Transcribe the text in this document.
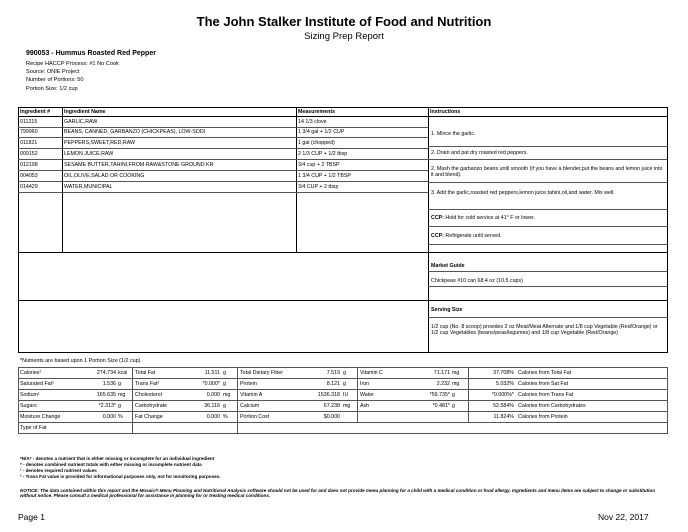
The John Stalker Institute of Food and Nutrition
Sizing Prep Report
990053 - Hummus Roasted Red Pepper
Recipe HACCP Process: #1 No Cook
Source: ONIE Project
Number of Portions: 50
Portion Size: 1/2 cup
Ingredient #	Ingredient Name	Measurements	Instructions
011215	GARLIC,RAW	14 1/3 clove
799960	BEANS, CANNED, GARBANZO (CHICKPEAS), LOW-SODI	1 3/4 gal + 1/2 CUP
011821	PEPPERS,SWEET,RED,RAW	1 gal (chopped)
009152	LEMON JUICE,RAW	2 1/3 CUP + 1/2 tbsp
012198	SESAME BUTTER,TAHINI,FROM RAW&STONE GROUND KR	3/4 cup + 2 TBSP
004053	OIL,OLIVE,SALAD OR COOKING	1 3/4 CUP + 1/2 TBSP
014429	WATER,MUNICIPAL	3/4 CUP + 2 tbsp
1. Mince the garlic.
2. Drain and pat dry roasted red peppers.
2. Mash the garbanzo beans until smooth (if you have a blender,put the beans and lemon juice into it and blend).
3. Add the garlic,roasted red peppers,lemon juice,tahini,oil,and water. Mix well.
CCP: Hold for cold service at 41° F or lower.
CCP: Refrigerate until served.
Market Guide
Chickpeas #10 can 68.4 oz (10.5 cups)
Serving Size
1/2 cup (No. 8 scoop) provides 2 oz Meat/Meat Alternate and 1/8 cup Vegetable (Red/Orange) or 1/2 cup Vegetables (beans/peas/legumes) and 1/8 cup Vegetable (Red/Orange)
*Nutrients are based upon 1 Portion Size (1/2 cup)
Calories¹	274.734 kcal Total Fat	11.511 g	Total Dietary Fiber	7.519 g	Vitamin C	71.171 mg	37.708% Calories from Total Fat
Saturated Fat¹	1.536 g	Trans Fat²	*0.000* g	Protein	8.121 g	Iron	2.232 mg	5.032% Calories from Sat Fat
Sodium¹	165.635 mg Cholesterol	0.000 mg Vitamin A	1536.318 IU Water	*59.735* g	*0.000%* Calories from Trans Fat
Sugars	*2.313* g	Carbohydrate	36.116 g	Calcium	67.238 mg Ash	*0.481* g	52.584% Calories from Carbohydrates
Moisture Change	0.000 % Fat Change	0.000 % Portion Cost	$0.000	11.824% Calories from Protein
Type of Fat
*N/A* - denotes a nutrient that is either missing or incomplete for an individual ingredient
* - denotes combined nutrient totals with either missing or incomplete nutrient data
¹ - denotes required nutrient values
² - Trans Fat value is provided for informational purposes only, not for monitoring purposes.
NOTICE: The data contained within this report and the Mosaic® Menu Planning and Nutritional Analysis software should not be used for and does not provide menu planning for a child with a medical condition or food allergy. Ingredients and menu items are subject to change or substitution without notice. Please consult a medical professional for assistance in planning for or treating medical conditions.
Page 1	Nov 22, 2017
